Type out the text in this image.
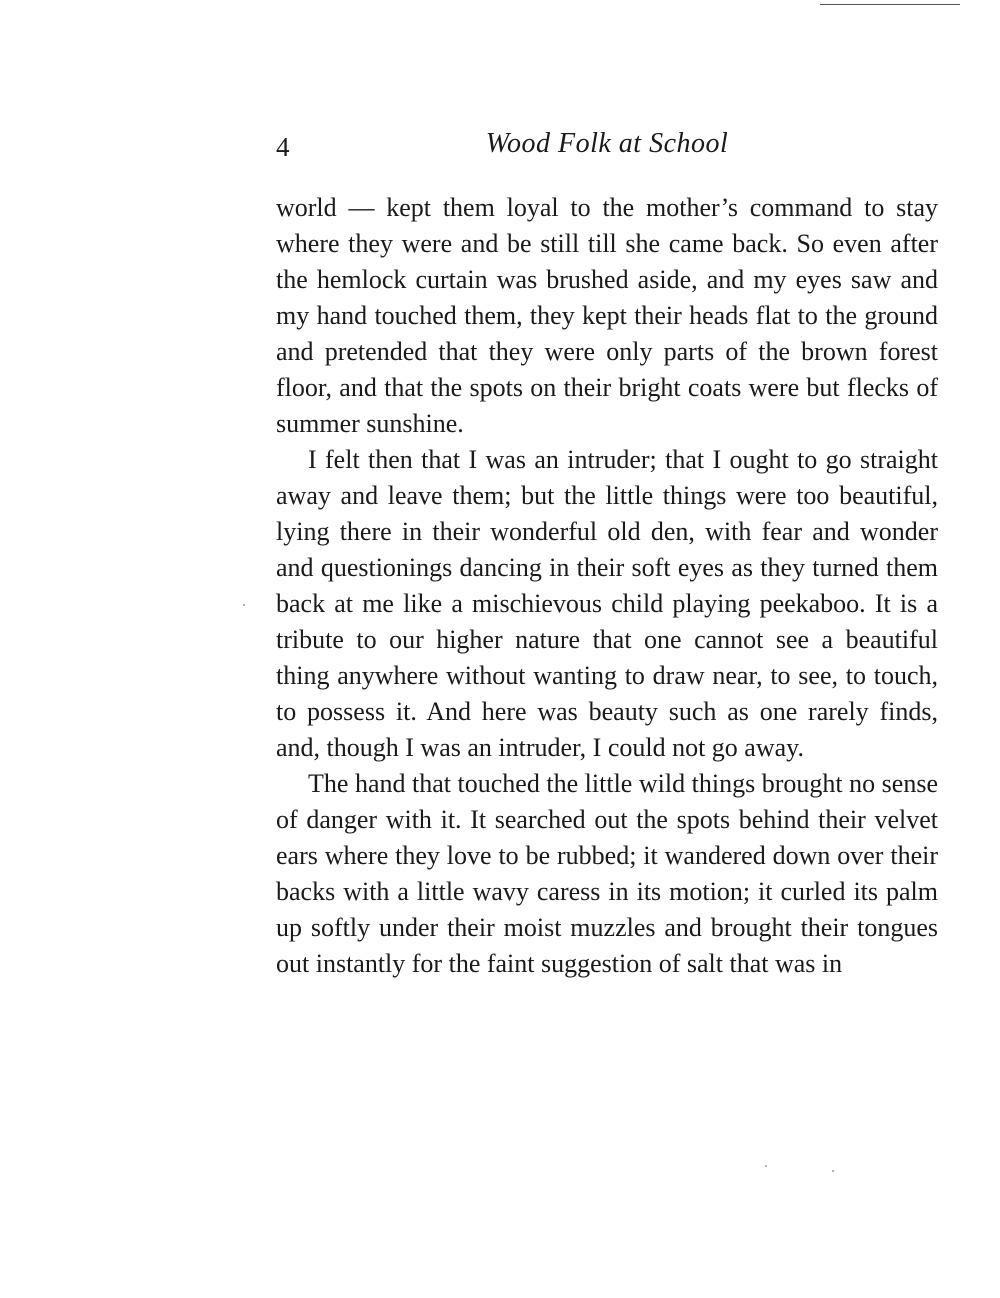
4	Wood Folk at School

world — kept them loyal to the mother’s command to stay where they were and be still till she came back. So even after the hemlock curtain was brushed aside, and my eyes saw and my hand touched them, they kept their heads flat to the ground and pretended that they were only parts of the brown forest floor, and that the spots on their bright coats were but flecks of summer sunshine.

I felt then that I was an intruder; that I ought to go straight away and leave them; but the little things were too beautiful, lying there in their wonderful old den, with fear and wonder and questionings dancing in their soft eyes as they turned them back at me like a mischievous child playing peekaboo. It is a tribute to our higher nature that one cannot see a beautiful thing anywhere without wanting to draw near, to see, to touch, to possess it. And here was beauty such as one rarely finds, and, though I was an intruder, I could not go away.

The hand that touched the little wild things brought no sense of danger with it. It searched out the spots behind their velvet ears where they love to be rubbed; it wandered down over their backs with a little wavy caress in its motion; it curled its palm up softly under their moist muzzles and brought their tongues out instantly for the faint suggestion of salt that was in
